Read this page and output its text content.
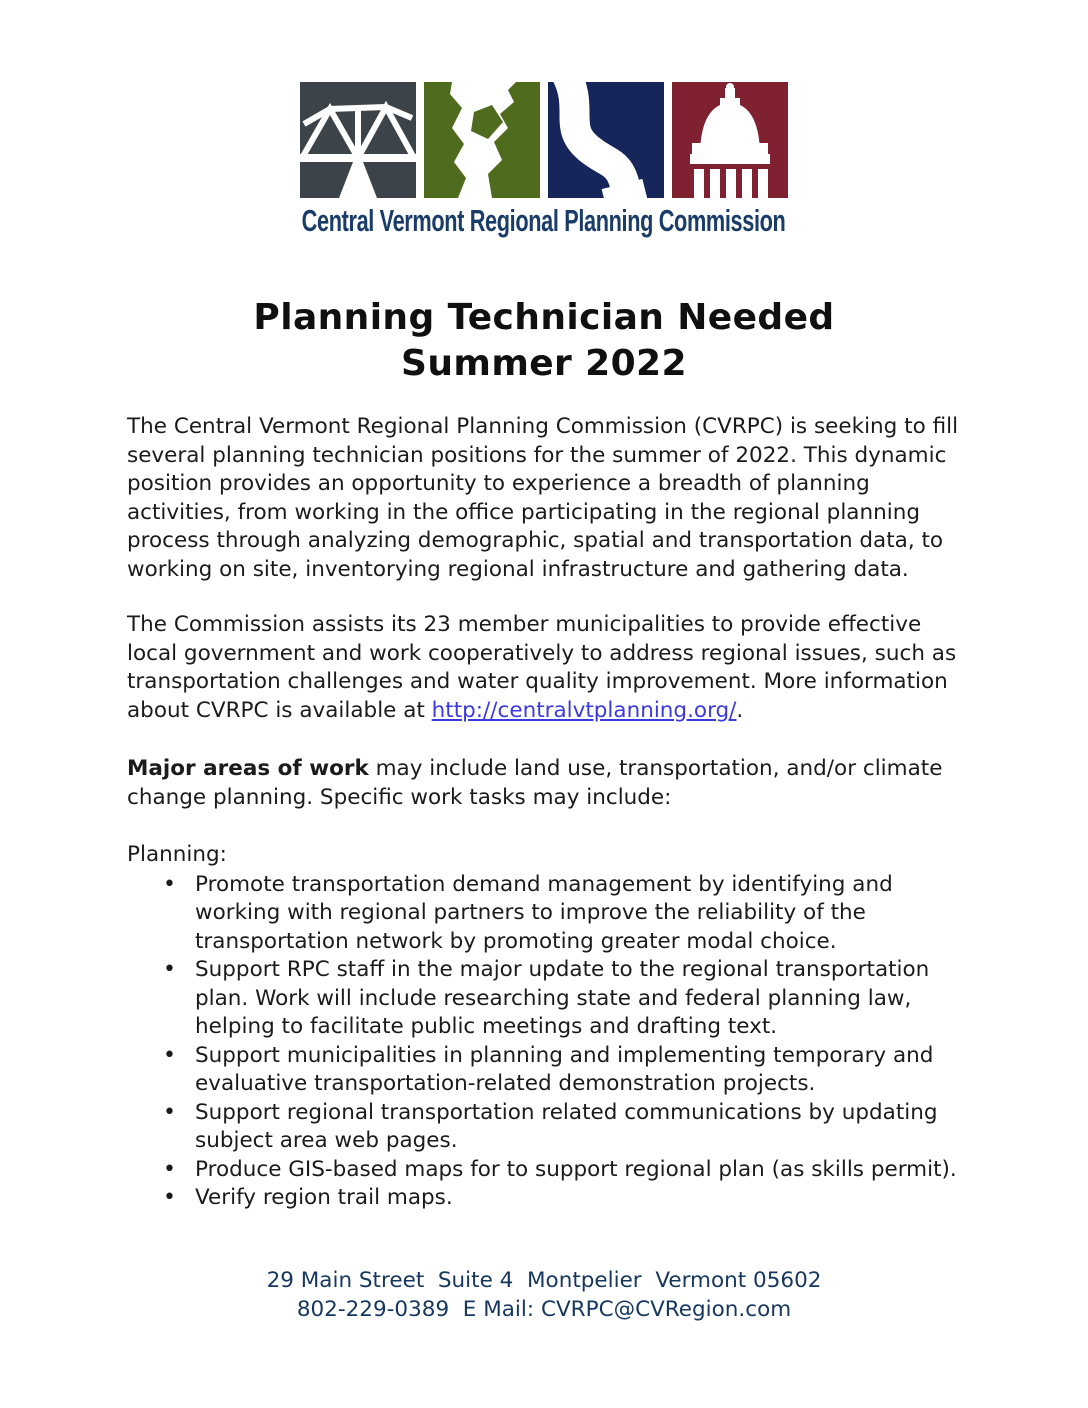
Central Vermont Regional Planning Commission
Planning Technician Needed
Summer 2022

The Central Vermont Regional Planning Commission (CVRPC) is seeking to fill several planning technician positions for the summer of 2022. This dynamic position provides an opportunity to experience a breadth of planning activities, from working in the office participating in the regional planning process through analyzing demographic, spatial and transportation data, to working on site, inventorying regional infrastructure and gathering data.

The Commission assists its 23 member municipalities to provide effective local government and work cooperatively to address regional issues, such as transportation challenges and water quality improvement. More information about CVRPC is available at http://centralvtplanning.org/.

Major areas of work may include land use, transportation, and/or climate change planning. Specific work tasks may include:

Planning:

• Promote transportation demand management by identifying and working with regional partners to improve the reliability of the transportation network by promoting greater modal choice.
• Support RPC staff in the major update to the regional transportation plan. Work will include researching state and federal planning law, helping to facilitate public meetings and drafting text.
• Support municipalities in planning and implementing temporary and evaluative transportation-related demonstration projects.
• Support regional transportation related communications by updating subject area web pages.
• Produce GIS-based maps for to support regional plan (as skills permit).
• Verify region trail maps.
29 Main Street  Suite 4  Montpelier  Vermont 05602
802-229-0389  E Mail: CVRPC@CVRegion.com
